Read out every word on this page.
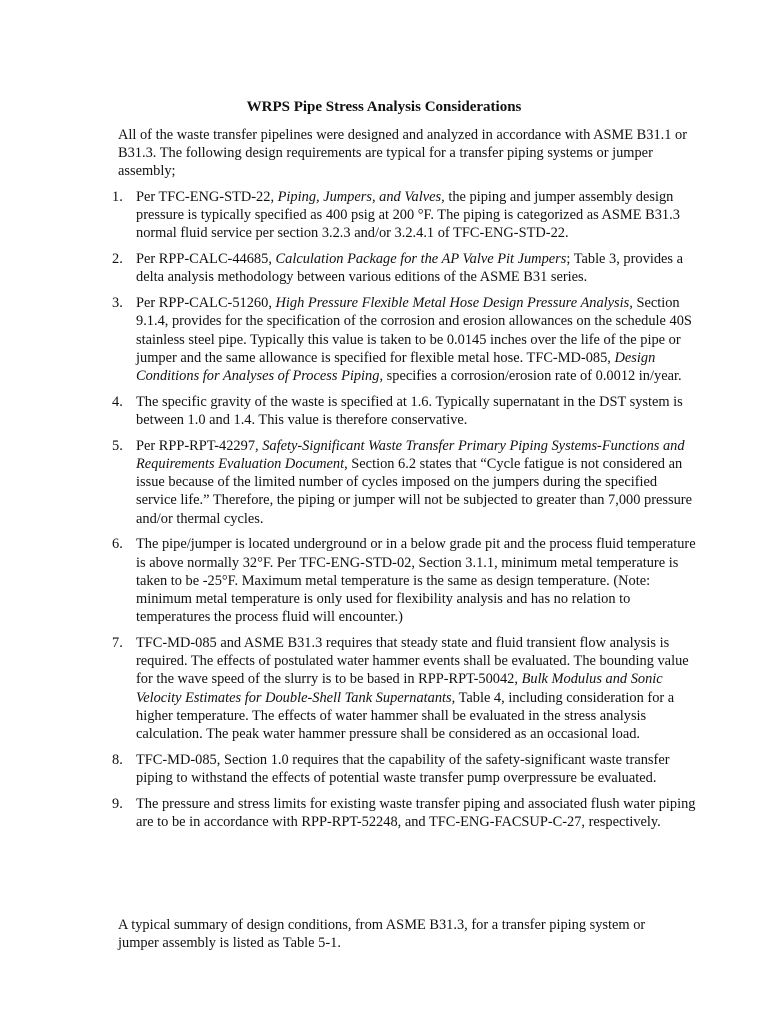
WRPS Pipe Stress Analysis Considerations
All of the waste transfer pipelines were designed and analyzed in accordance with ASME B31.1 or B31.3. The following design requirements are typical for a transfer piping systems or jumper assembly;
1 .	Per TFC-ENG-STD-22, Piping, Jumpers, and Valves, the piping and jumper assembly design pressure is typically specified as 400 psig at 200 °F. The piping is categorized as ASME B31.3 normal fluid service per section 3.2.3 and/or 3.2.4.1 of TFC-ENG-STD-22.
2 .	Per RPP-CALC-44685, Calculation Package for the AP Valve Pit Jumpers; Table 3, provides a delta analysis methodology between various editions of the ASME B31 series.
3 .	Per RPP-CALC-51260, High Pressure Flexible Metal Hose Design Pressure Analysis, Section 9.1.4, provides for the specification of the corrosion and erosion allowances on the schedule 40S stainless steel pipe. Typically this value is taken to be 0.0145 inches over the life of the pipe or jumper and the same allowance is specified for flexible metal hose. TFC-MD-085, Design Conditions for Analyses of Process Piping, specifies a corrosion/erosion rate of 0.0012 in/year.
4 .	The specific gravity of the waste is specified at 1.6. Typically supernatant in the DST system is between 1.0 and 1.4. This value is therefore conservative.
5 .	Per RPP-RPT-42297, Safety-Significant Waste Transfer Primary Piping Systems-Functions and Requirements Evaluation Document, Section 6.2 states that “Cycle fatigue is not considered an issue because of the limited number of cycles imposed on the jumpers during the specified service life.” Therefore, the piping or jumper will not be subjected to greater than 7,000 pressure and/or thermal cycles.
6 .	The pipe/jumper is located underground or in a below grade pit and the process fluid temperature is above normally 32°F. Per TFC-ENG-STD-02, Section 3.1.1, minimum metal temperature is taken to be -25°F. Maximum metal temperature is the same as design temperature. (Note: minimum metal temperature is only used for flexibility analysis and has no relation to temperatures the process fluid will encounter.)
7 .	TFC-MD-085 and ASME B31.3 requires that steady state and fluid transient flow analysis is required. The effects of postulated water hammer events shall be evaluated. The bounding value for the wave speed of the slurry is to be based in RPP-RPT-50042, Bulk Modulus and Sonic Velocity Estimates for Double-Shell Tank Supernatants, Table 4, including consideration for a higher temperature. The effects of water hammer shall be evaluated in the stress analysis calculation. The peak water hammer pressure shall be considered as an occasional load.
8 .	TFC-MD-085, Section 1.0 requires that the capability of the safety-significant waste transfer piping to withstand the effects of potential waste transfer pump overpressure be evaluated.
9 .	The pressure and stress limits for existing waste transfer piping and associated flush water piping are to be in accordance with RPP-RPT-52248, and TFC-ENG-FACSUP-C-27, respectively.
A typical summary of design conditions, from ASME B31.3, for a transfer piping system or jumper assembly is listed as Table 5-1.
